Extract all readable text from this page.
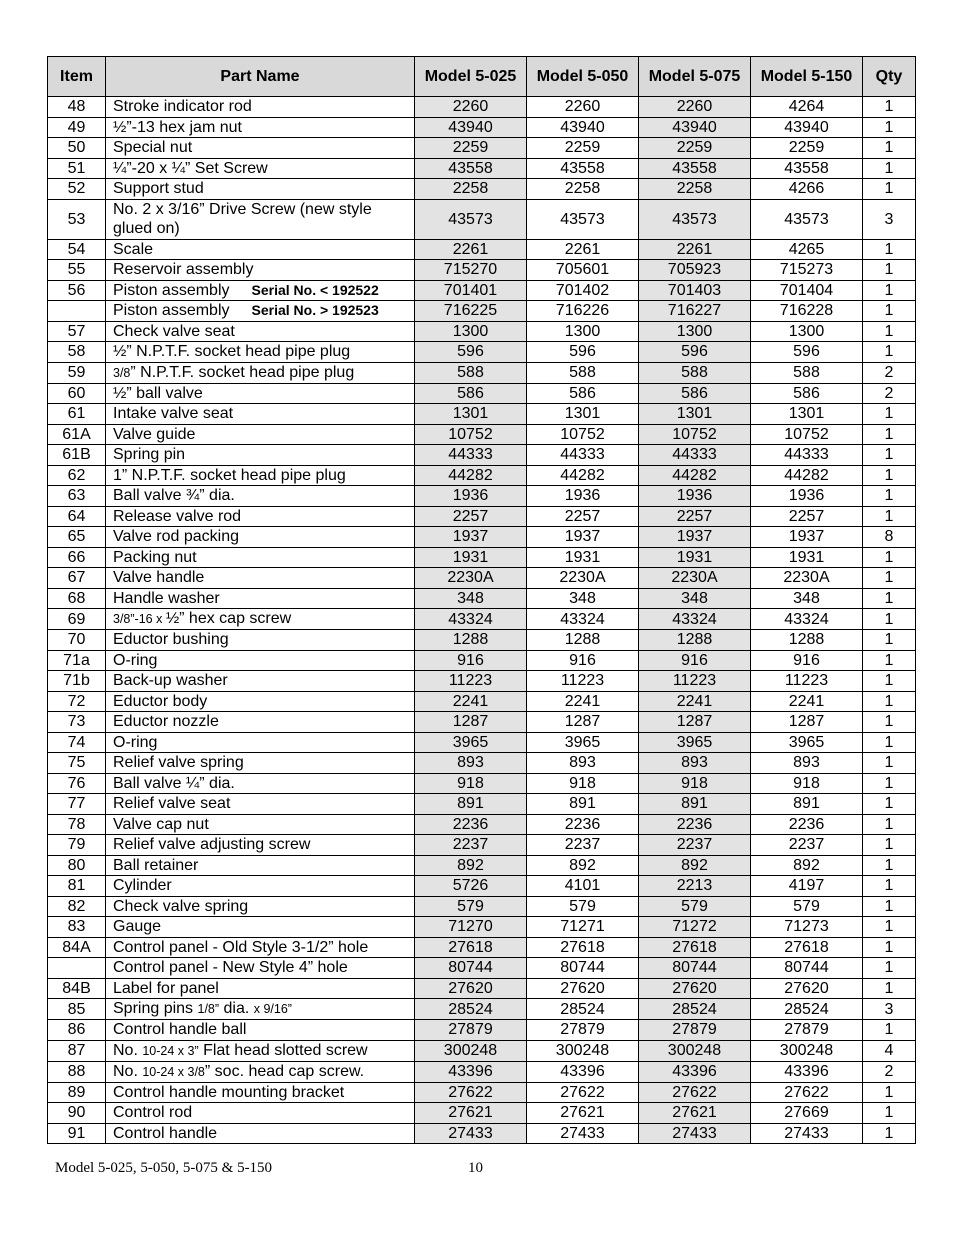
Item	Part Name	Model 5-025	Model 5-050	Model 5-075	Model 5-150	Qty
48	Stroke indicator rod	2260	2260	2260	4264	1
49	½”-13 hex jam nut	43940	43940	43940	43940	1
50	Special nut	2259	2259	2259	2259	1
51	¼”-20 x ¼” Set Screw	43558	43558	43558	43558	1
52	Support stud	2258	2258	2258	4266	1
53	No. 2 x 3/16” Drive Screw (new style glued on)	43573	43573	43573	43573	3
54	Scale	2261	2261	2261	4265	1
55	Reservoir assembly	715270	705601	705923	715273	1
56	Piston assembly Serial No. < 192522	701401	701402	701403	701404	1
	Piston assembly Serial No. > 192523	716225	716226	716227	716228	1
57	Check valve seat	1300	1300	1300	1300	1
58	½” N.P.T.F. socket head pipe plug	596	596	596	596	1
59	3/8” N.P.T.F. socket head pipe plug	588	588	588	588	2
60	½” ball valve	586	586	586	586	2
61	Intake valve seat	1301	1301	1301	1301	1
61A	Valve guide	10752	10752	10752	10752	1
61B	Spring pin	44333	44333	44333	44333	1
62	1” N.P.T.F. socket head pipe plug	44282	44282	44282	44282	1
63	Ball valve ¾” dia.	1936	1936	1936	1936	1
64	Release valve rod	2257	2257	2257	2257	1
65	Valve rod packing	1937	1937	1937	1937	8
66	Packing nut	1931	1931	1931	1931	1
67	Valve handle	2230A	2230A	2230A	2230A	1
68	Handle washer	348	348	348	348	1
69	3/8”-16 x ½” hex cap screw	43324	43324	43324	43324	1
70	Eductor bushing	1288	1288	1288	1288	1
71a	O-ring	916	916	916	916	1
71b	Back-up washer	11223	11223	11223	11223	1
72	Eductor body	2241	2241	2241	2241	1
73	Eductor nozzle	1287	1287	1287	1287	1
74	O-ring	3965	3965	3965	3965	1
75	Relief valve spring	893	893	893	893	1
76	Ball valve ¼” dia.	918	918	918	918	1
77	Relief valve seat	891	891	891	891	1
78	Valve cap nut	2236	2236	2236	2236	1
79	Relief valve adjusting screw	2237	2237	2237	2237	1
80	Ball retainer	892	892	892	892	1
81	Cylinder	5726	4101	2213	4197	1
82	Check valve spring	579	579	579	579	1
83	Gauge	71270	71271	71272	71273	1
84A	Control panel - Old Style 3-1/2” hole	27618	27618	27618	27618	1
	Control panel - New Style 4” hole	80744	80744	80744	80744	1
84B	Label for panel	27620	27620	27620	27620	1
85	Spring pins 1/8” dia. x 9/16”	28524	28524	28524	28524	3
86	Control handle ball	27879	27879	27879	27879	1
87	No. 10-24 x 3” Flat head slotted screw	300248	300248	300248	300248	4
88	No. 10-24 x 3/8” soc. head cap screw.	43396	43396	43396	43396	2
89	Control handle mounting bracket	27622	27622	27622	27622	1
90	Control rod	27621	27621	27621	27669	1
91	Control handle	27433	27433	27433	27433	1
Model 5-025, 5-050, 5-075 & 5-150	10
